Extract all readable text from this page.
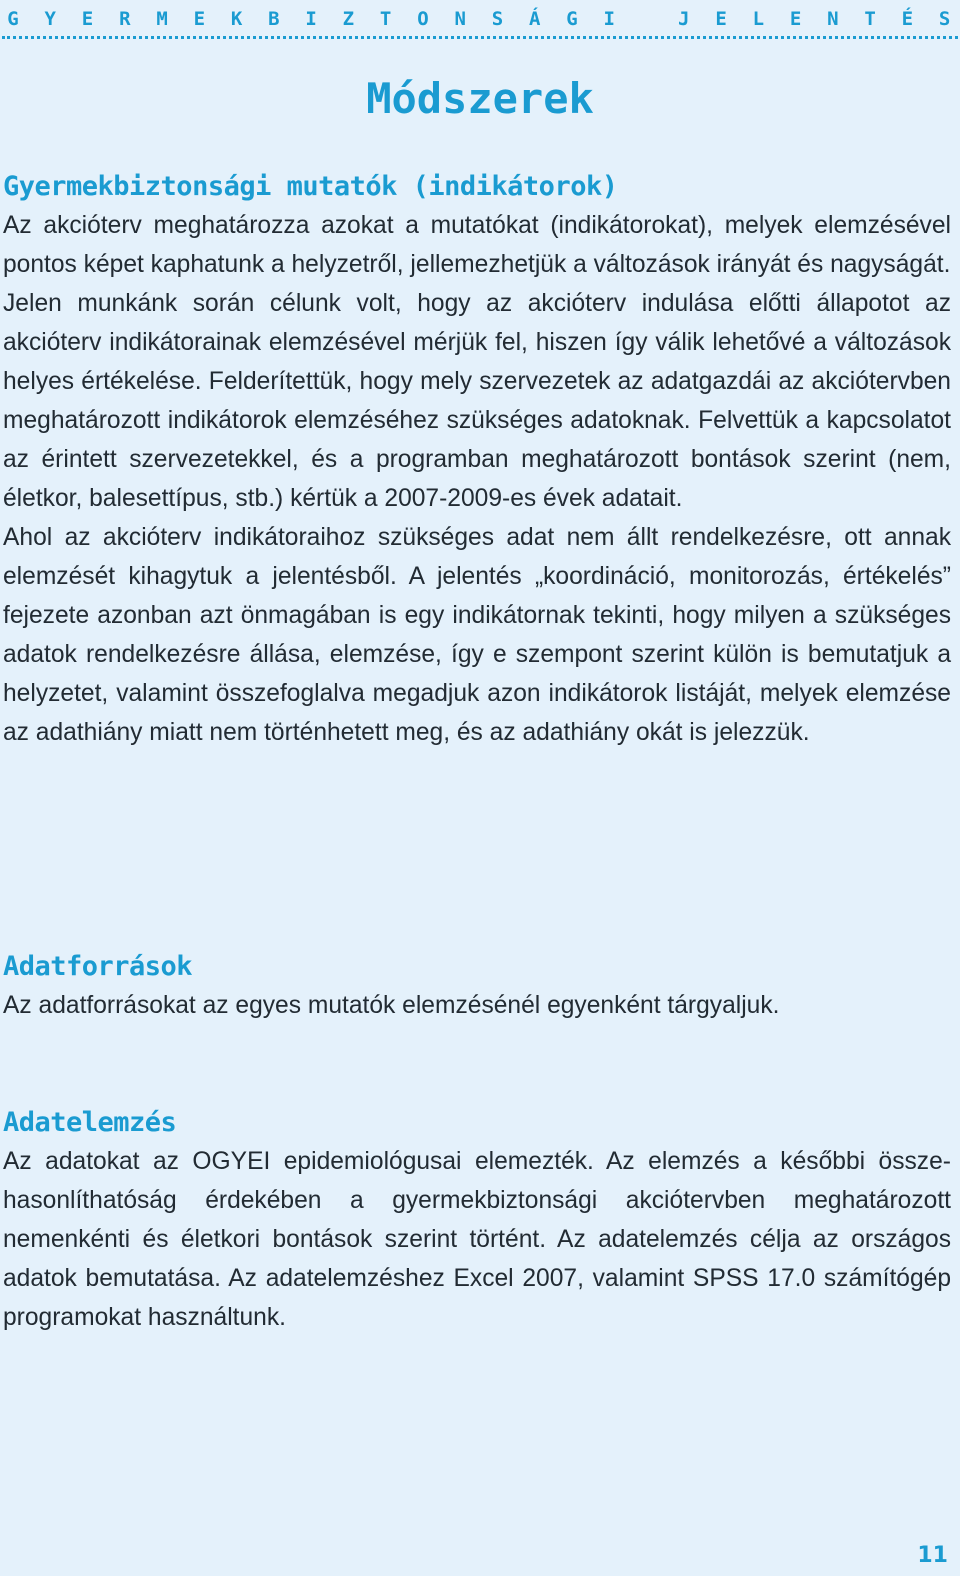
G Y E R M E K B I Z T O N S Á G I
	J E L E N T É S
Módszerek
Gyermekbiztonsági mutatók (indikátorok)

Az akcióterv meghatározza azokat a mutatókat (indikátorokat), melyek elemzésével pontos képet kaphatunk a helyzetről, jellemezhetjük a változások irányát és nagyságát.

Jelen munkánk során célunk volt, hogy az akcióterv indulása előtti állapotot az akcióterv indikátorainak elemzésével mérjük fel, hiszen így válik lehetővé a változások helyes értékelése. Felderítettük, hogy mely szervezetek az adatgazdái az akciótervben meghatározott indikátorok elemzéséhez szükséges adatoknak. Felvettük a kapcsolatot az érintett szervezetekkel, és a programban meghatározott bontások szerint (nem, életkor, balesettípus, stb.) kértük a 2007-2009-es évek adatait.

Ahol az akcióterv indikátoraihoz szükséges adat nem állt rendelkezésre, ott annak elemzését kihagytuk a jelentésből. A jelentés „koordináció, monitorozás, értékelés” fejezete azonban azt önmagában is egy indikátornak tekinti, hogy milyen a szükséges adatok rendelkezésre állása, elemzése, így e szempont szerint külön is bemutatjuk a helyzetet, valamint összefoglalva megadjuk azon indikátorok listáját, melyek elemzése az adathiány miatt nem történhetett meg, és az adathiány okát is jelezzük.

Adatforrások

Az adatforrásokat az egyes mutatók elemzésénél egyenként tárgyaljuk.

Adatelemzés

Az adatokat az OGYEI epidemiológusai elemezték. Az elemzés a későbbi összehasonlíthatóság érdekében a gyermekbiztonsági akciótervben meghatározott nemenkénti és életkori bontások szerint történt. Az adatelemzés célja az országos adatok bemutatása. Az adatelemzéshez Excel 2007, valamint SPSS 17.0 számítógép programokat használtunk.

11
